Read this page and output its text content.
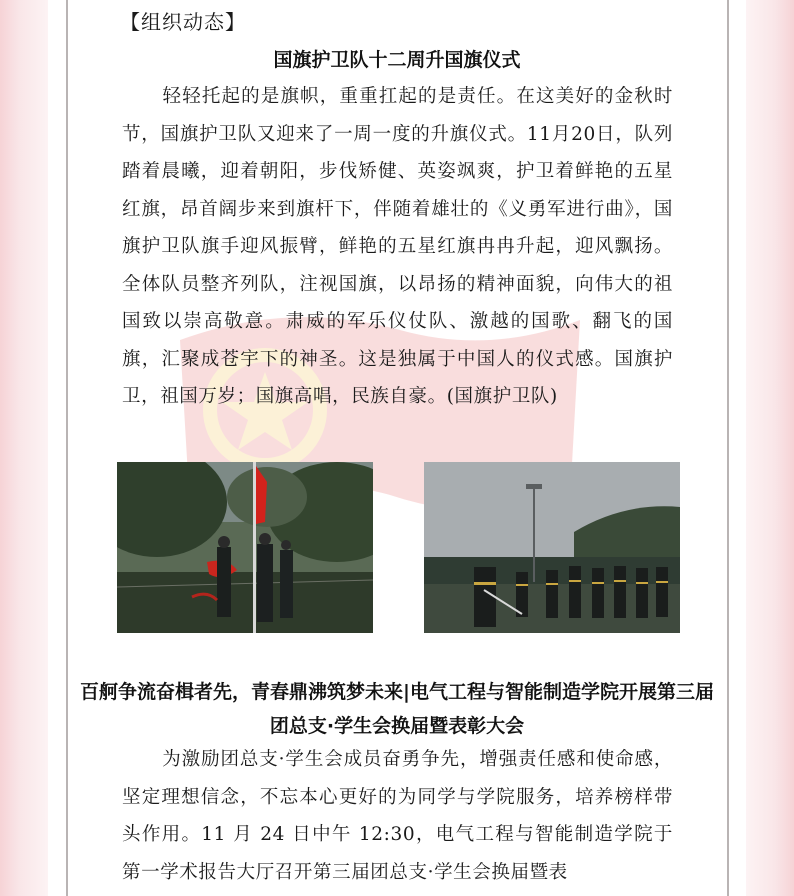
【组织动态】
国旗护卫队十二周升国旗仪式

轻轻托起的是旗帜，重重扛起的是责任。在这美好的金秋时节，国旗护卫队又迎来了一周一度的升旗仪式。11月20日，队列踏着晨曦，迎着朝阳，步伐矫健、英姿飒爽，护卫着鲜艳的五星红旗，昂首阔步来到旗杆下，伴随着雄壮的《义勇军进行曲》，国旗护卫队旗手迎风振臂，鲜艳的五星红旗冉冉升起，迎风飘扬。全体队员整齐列队，注视国旗，以昂扬的精神面貌，向伟大的祖国致以崇高敬意。肃威的军乐仪仗队、激越的国歌、翻飞的国旗，汇聚成苍宇下的神圣。这是独属于中国人的仪式感。国旗护卫，祖国万岁；国旗高唱，民族自豪。(国旗护卫队)

百舸争流奋楫者先，青春鼎沸筑梦未来|电气工程与智能制造学院开展第三届团总支·学生会换届暨表彰大会

为激励团总支·学生会成员奋勇争先，增强责任感和使命感，坚定理想信念，不忘本心更好的为同学与学院服务，培养榜样带头作用。11 月 24 日中午 12:30，电气工程与智能制造学院于第一学术报告大厅召开第三届团总支·学生会换届暨表
